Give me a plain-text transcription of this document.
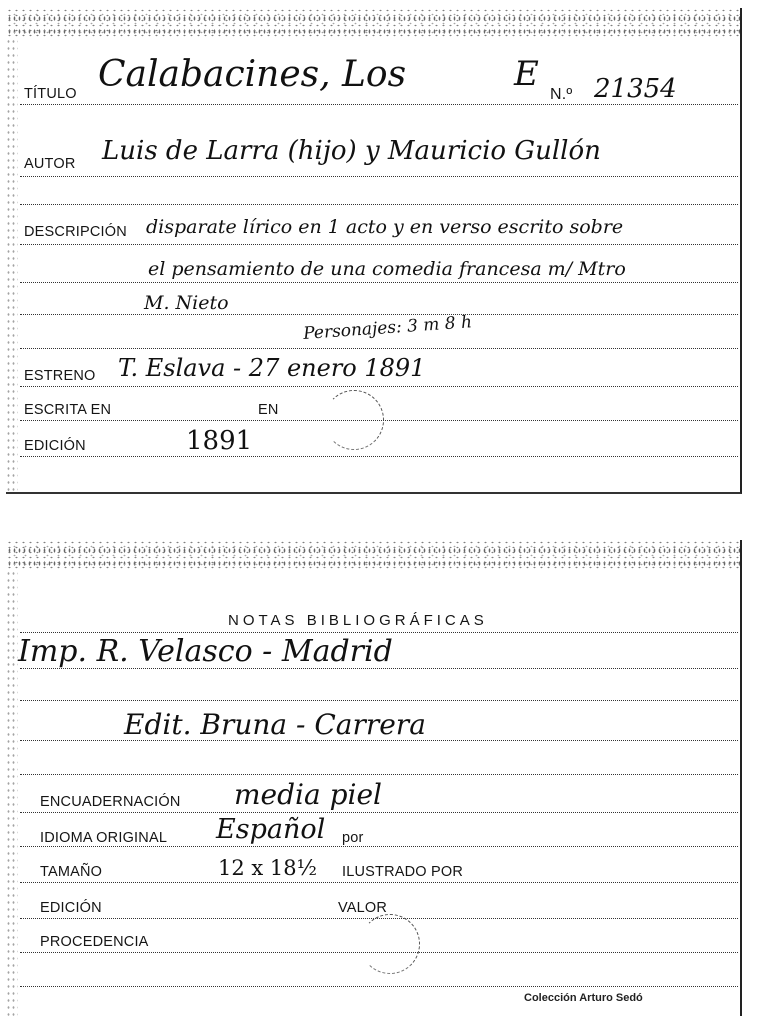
TÍTULO Calabacines, Los	E
N.º 21354
AUTOR Luis de Larra (hijo) y Mauricio Gullón
DESCRIPCIÓN disparate lírico en 1 acto y en verso escrito sobre
el pensamiento de una comedia francesa m/ Mtro
M. Nieto
Personajes: 3 m 8 h
ESTRENO T. Eslava - 27 enero 1891
ESCRITA EN	EN
EDICIÓN	1891
NOTAS BIBLIOGRÁFICAS
Imp. R. Velasco - Madrid
Edit. Bruna - Carrera
ENCUADERNACIÓN media piel
IDIOMA ORIGINAL Español por
TAMAÑO	12 x 18½ ILUSTRADO POR
EDICIÓN	VALOR
PROCEDENCIA
Colección Arturo Sedó
